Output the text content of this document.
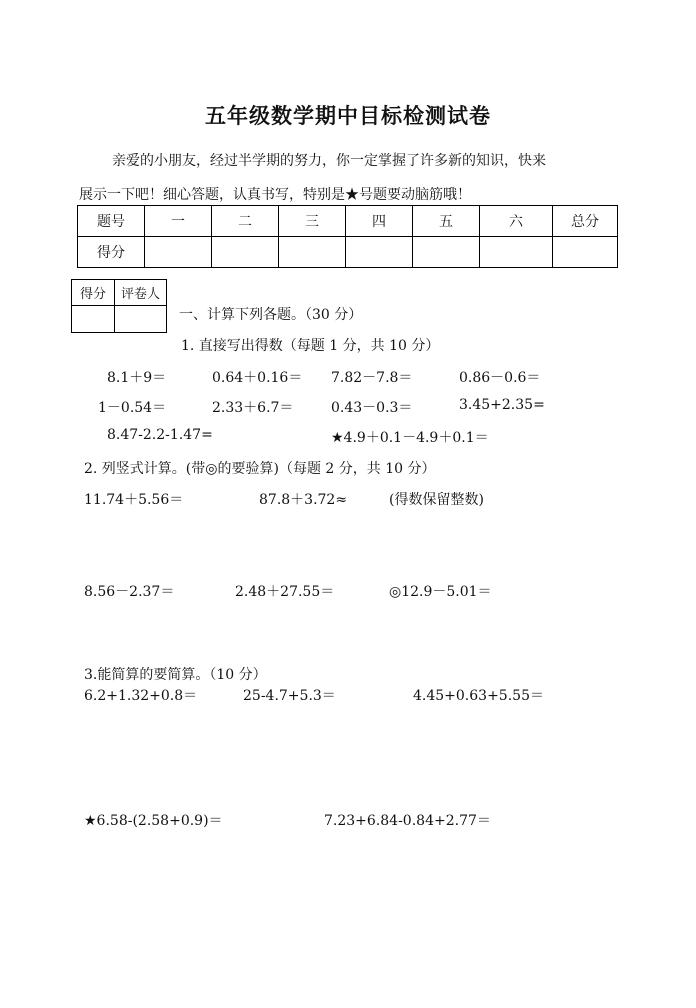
五年级数学期中目标检测试卷
亲爱的小朋友，经过半学期的努力，你一定掌握了许多新的知识，快来
展示一下吧！细心答题，认真书写，特别是★号题要动脑筋哦！
题号	一	二	三	四	五	六	总分
得分							
得分	评卷人

一、计算下列各题。（30 分）
1. 直接写出得数（每题 1 分，共 10 分）
8.1＋9＝	0.64＋0.16＝ 7.82－7.8＝	0.86－0.6＝
1－0.54＝	2.33＋6.7＝	0.43－0.3＝	3.45+2.35=
8.47-2.2-1.47=	★4.9＋0.1－4.9＋0.1＝
2. 列竖式计算。(带◎的要验算)（每题 2 分，共 10 分）
11.74＋5.56＝	87.8＋3.72≈	(得数保留整数)
8.56－2.37＝	2.48＋27.55＝	◎12.9－5.01＝
3.能简算的要简算。（10 分）
6.2+1.32+0.8＝	25-4.7+5.3＝	4.45+0.63+5.55＝
★6.58-(2.58+0.9)＝	7.23+6.84-0.84+2.77＝
